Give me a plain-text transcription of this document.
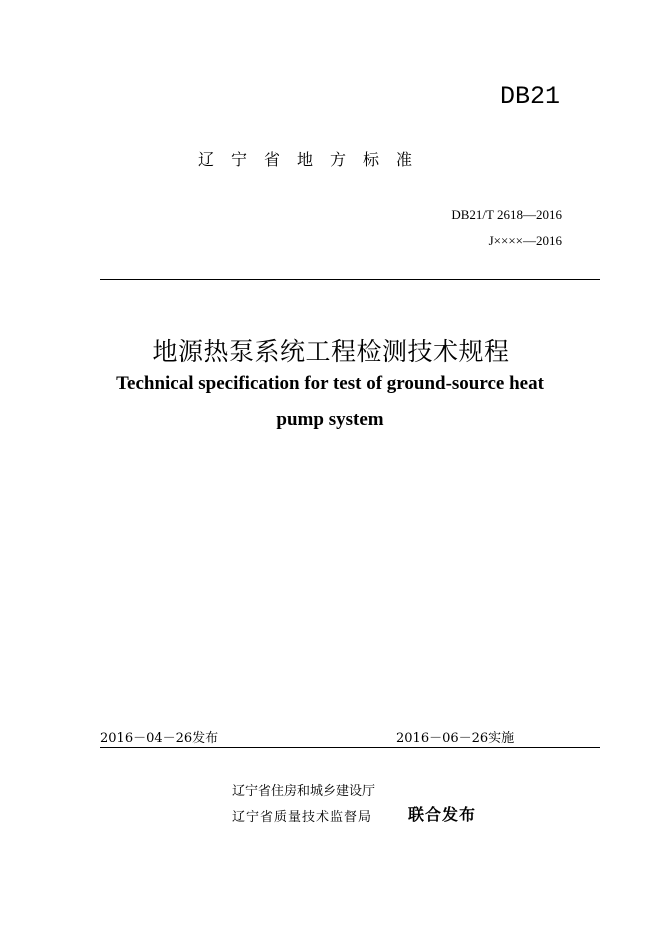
DB21
辽宁省地方标准
DB21/T 2618—2016
J××××—2016
地源热泵系统工程检测技术规程
Technical specification for test of ground-source heat
pump system
2016－04－26发布	2016－06－26实施
辽宁省住房和城乡建设厅
辽宁省质量技术监督局 联合发布
